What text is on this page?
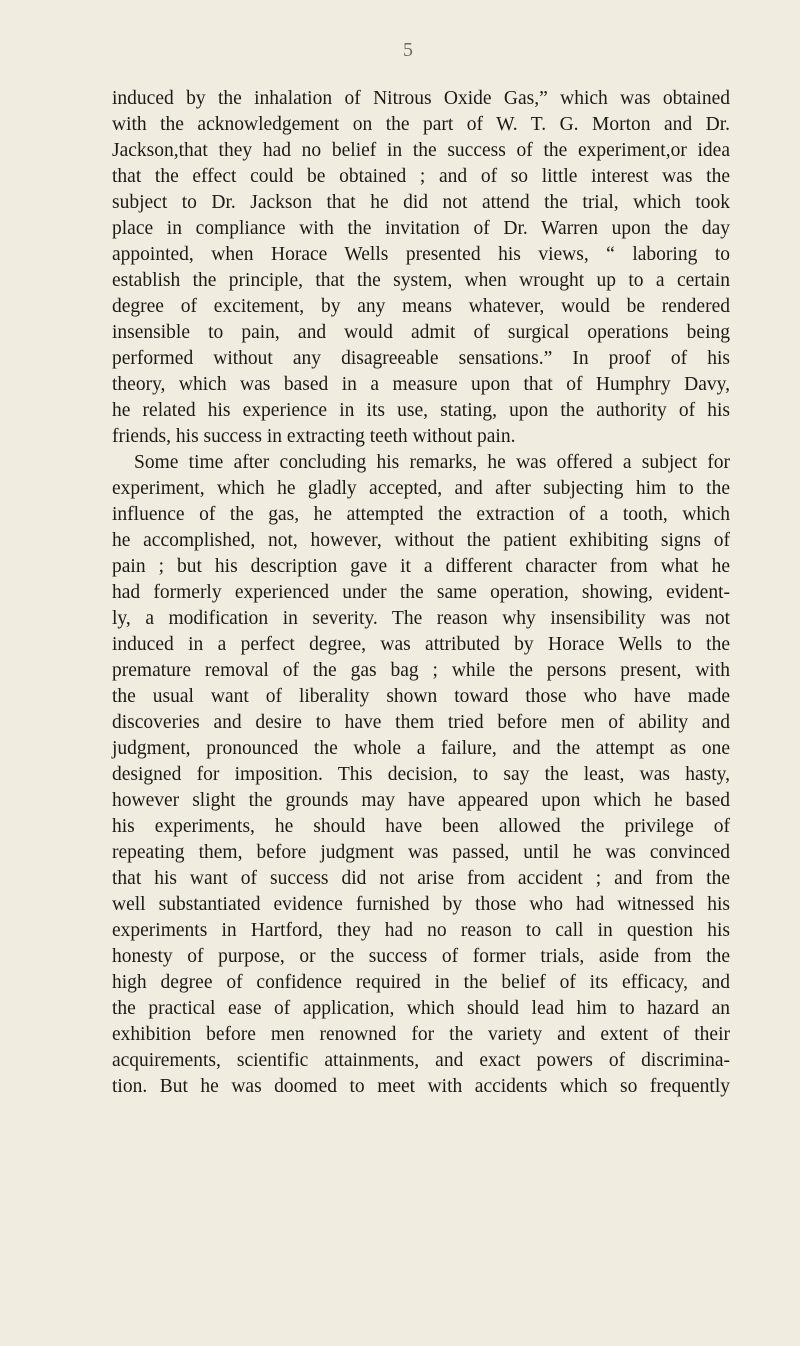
5
induced by the inhalation of Nitrous Oxide Gas,” which was obtained
with the acknowledgement on the part of W. T. G. Morton and Dr.
Jackson,that they had no belief in the success of the experiment,or idea
that the effect could be obtained ; and of so little interest was the
subject to Dr. Jackson that he did not attend the trial, which took
place in compliance with the invitation of Dr. Warren upon the day
appointed, when Horace Wells presented his views, “ laboring to
establish the principle, that the system, when wrought up to a certain
degree of excitement, by any means whatever, would be rendered
insensible to pain, and would admit of surgical operations being
performed without any disagreeable sensations.” In proof of his
theory, which was based in a measure upon that of Humphry Davy,
he related his experience in its use, stating, upon the authority of his
friends, his success in extracting teeth without pain.
Some time after concluding his remarks, he was offered a subject for
experiment, which he gladly accepted, and after subjecting him to the
influence of the gas, he attempted the extraction of a tooth, which
he accomplished, not, however, without the patient exhibiting signs of
pain ; but his description gave it a different character from what he
had formerly experienced under the same operation, showing, evident-
ly, a modification in severity. The reason why insensibility was not
induced in a perfect degree, was attributed by Horace Wells to the
premature removal of the gas bag ; while the persons present, with
the usual want of liberality shown toward those who have made
discoveries and desire to have them tried before men of ability and
judgment, pronounced the whole a failure, and the attempt as one
designed for imposition. This decision, to say the least, was hasty,
however slight the grounds may have appeared upon which he based
his experiments, he should have been allowed the privilege of
repeating them, before judgment was passed, until he was convinced
that his want of success did not arise from accident ; and from the
well substantiated evidence furnished by those who had witnessed his
experiments in Hartford, they had no reason to call in question his
honesty of purpose, or the success of former trials, aside from the
high degree of confidence required in the belief of its efficacy, and
the practical ease of application, which should lead him to hazard an
exhibition before men renowned for the variety and extent of their
acquirements, scientific attainments, and exact powers of discrimina-
tion. But he was doomed to meet with accidents which so frequently
